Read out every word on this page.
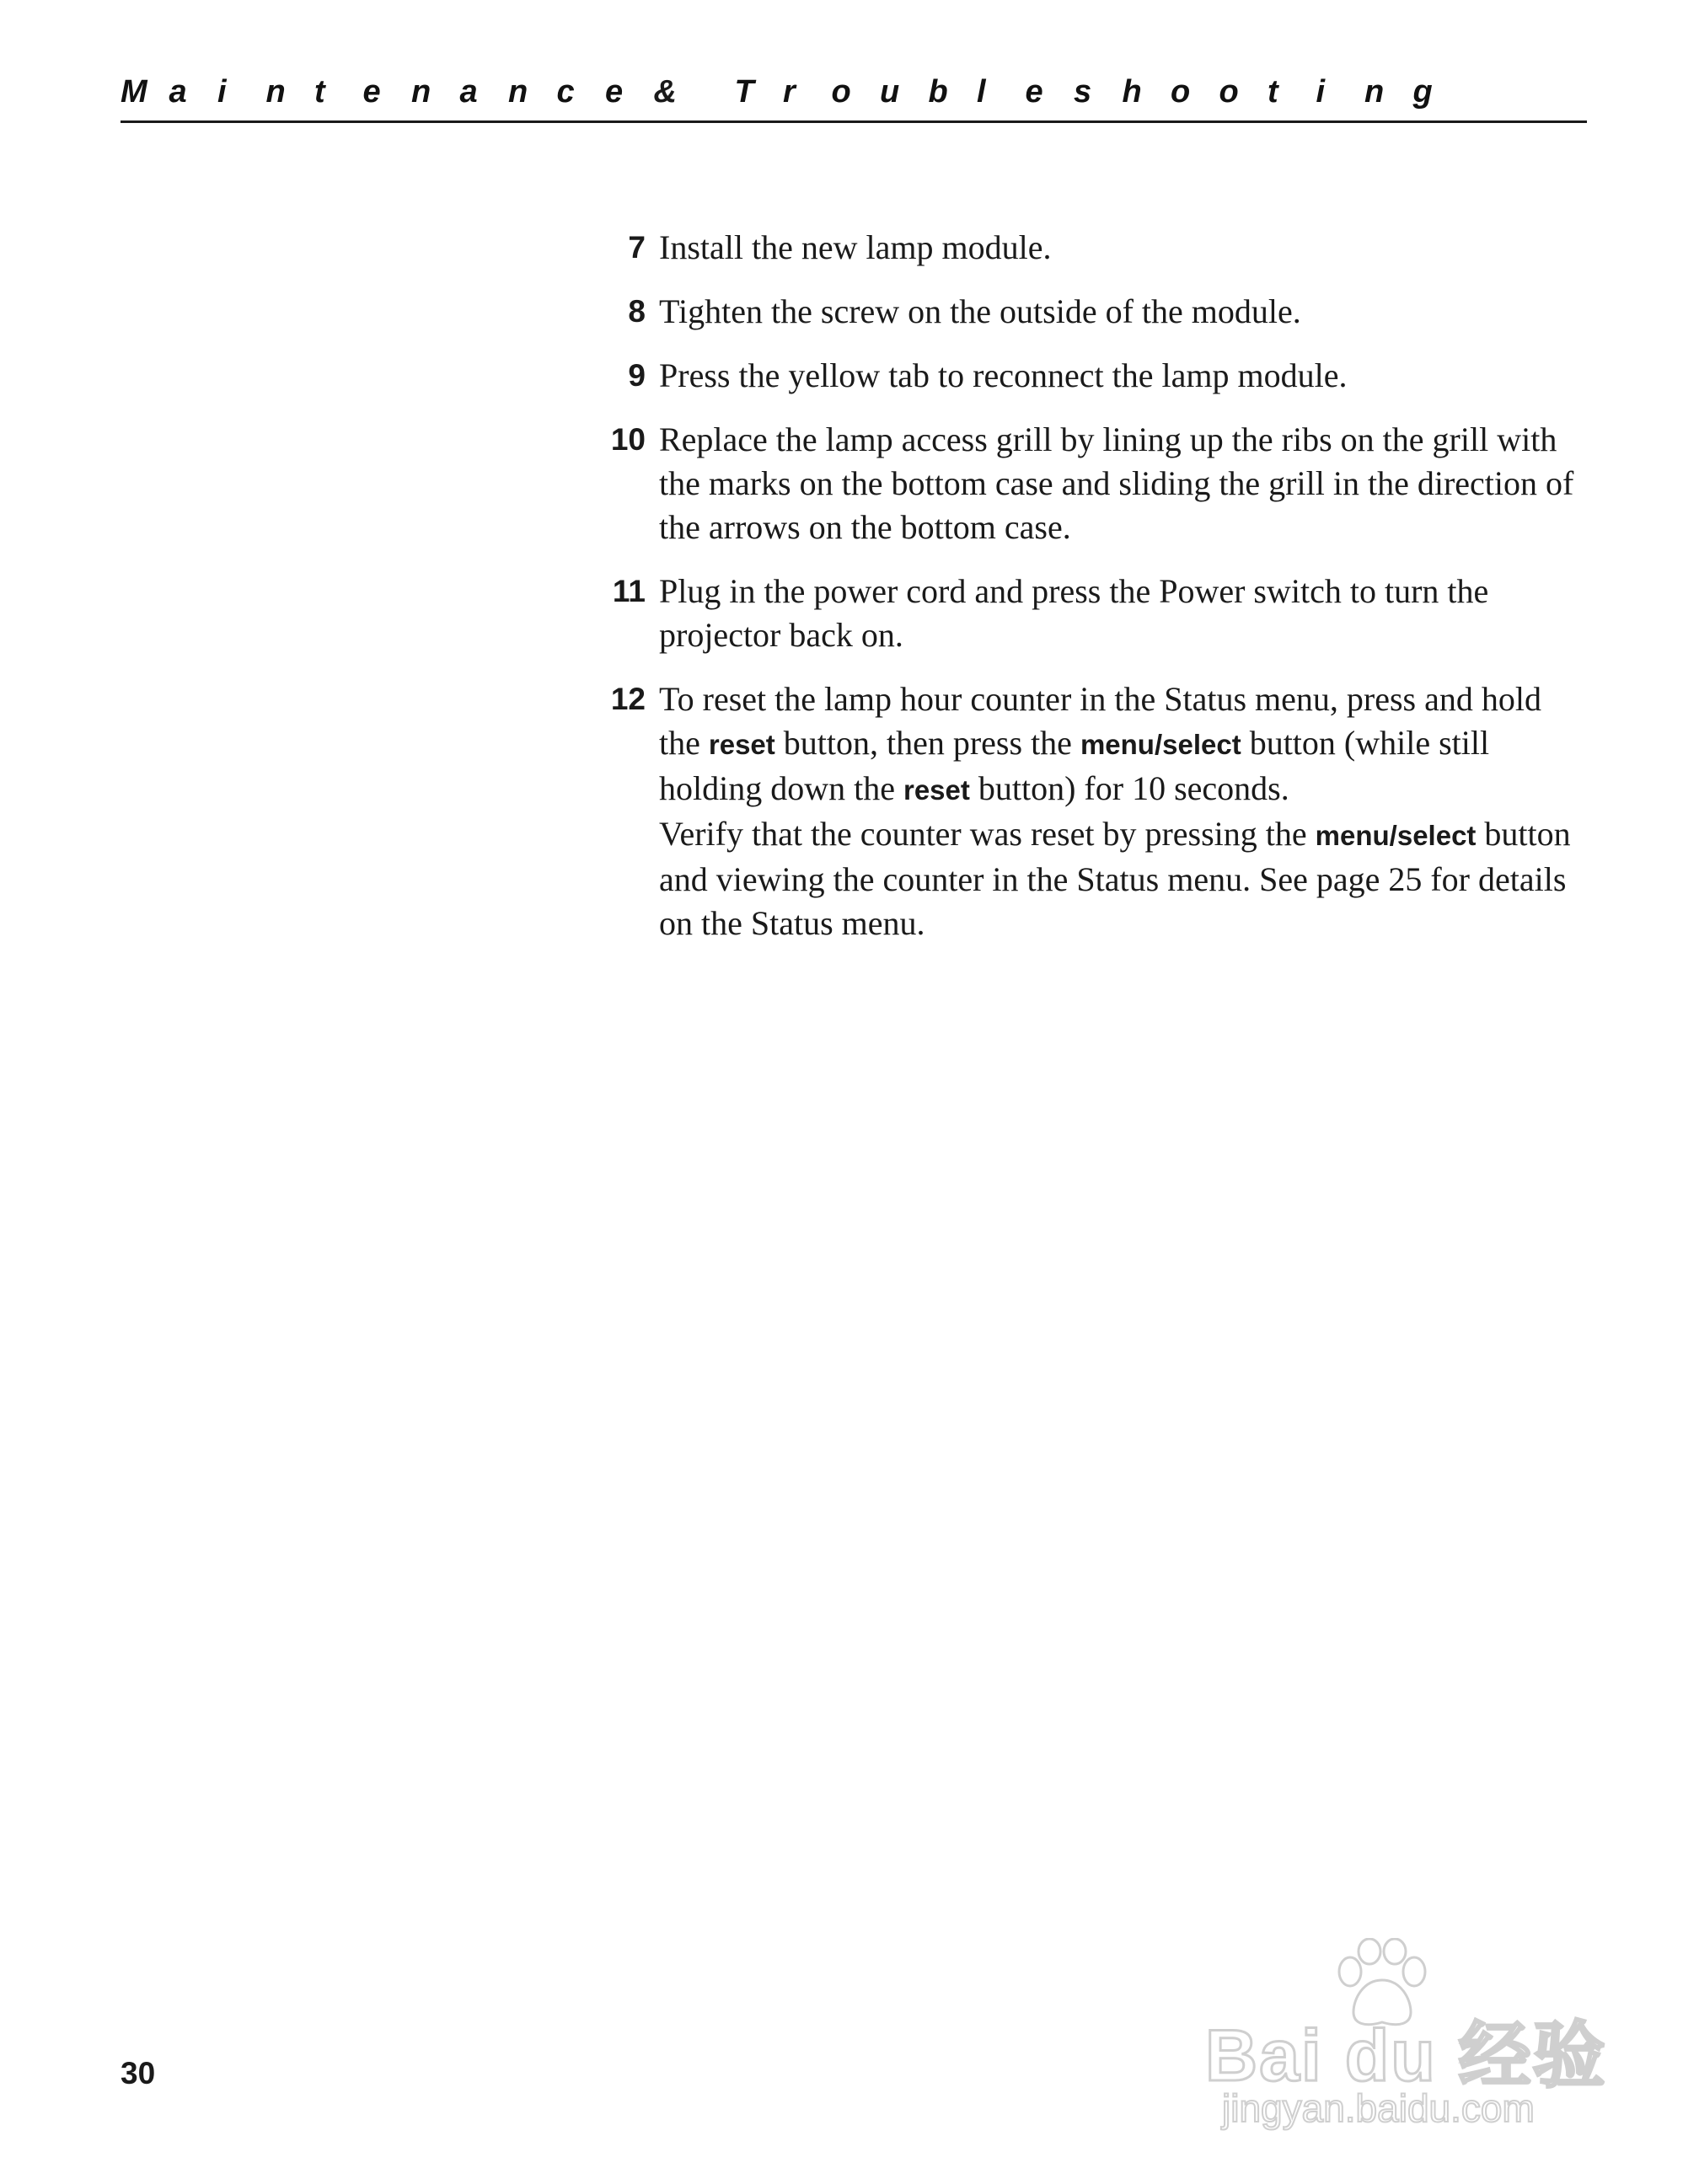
M a i	n t	e n a n c e &	T r	o u b l	e s h o o t	i	n g
7 Install the new lamp module.
8 Tighten the screw on the outside of the module.
9 Press the yellow tab to reconnect the lamp module.
10 Replace the lamp access grill by lining up the ribs on the grill with the marks on the bottom case and sliding the grill in the direction of the arrows on the bottom case.
11 Plug in the power cord and press the Power switch to turn the projector back on.
12 To reset the lamp hour counter in the Status menu, press and hold the reset button, then press the menu/select button (while still holding down the reset button) for 10 seconds.
Verify that the counter was reset by pressing the menu/select button and viewing the counter in the Status menu. See page 25 for details on the Status menu.
30	Bai du 经验
jingyan.baidu.com
